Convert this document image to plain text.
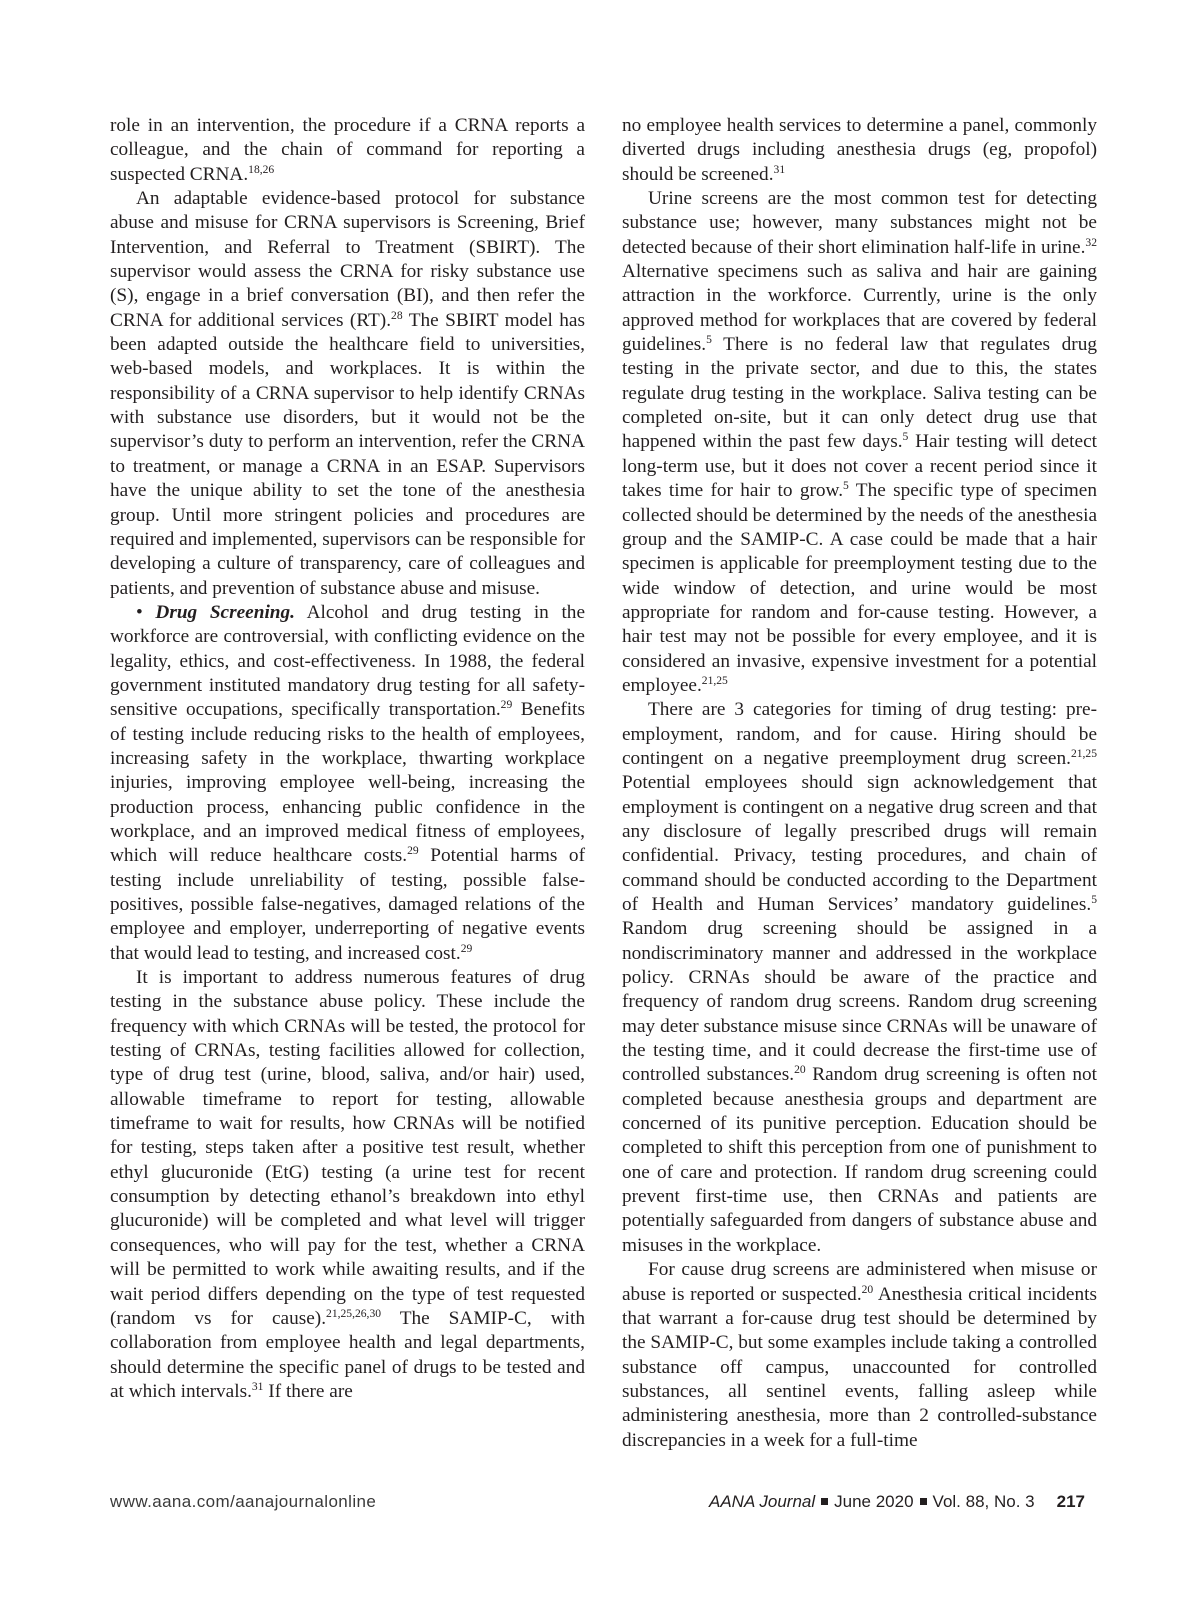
role in an intervention, the procedure if a CRNA reports a colleague, and the chain of command for reporting a suspected CRNA.$^{18,26}$

An adaptable evidence-based protocol for substance abuse and misuse for CRNA supervisors is Screening, Brief Intervention, and Referral to Treatment (SBIRT). The supervisor would assess the CRNA for risky substance use (S), engage in a brief conversation (BI), and then refer the CRNA for additional services (RT).$^{28}$ The SBIRT model has been adapted outside the healthcare field to universities, web-based models, and workplaces. It is within the responsibility of a CRNA supervisor to help identify CRNAs with substance use disorders, but it would not be the supervisor’s duty to perform an intervention, refer the CRNA to treatment, or manage a CRNA in an ESAP. Supervisors have the unique ability to set the tone of the anesthesia group. Until more stringent policies and procedures are required and implemented, supervisors can be responsible for developing a culture of transparency, care of colleagues and patients, and prevention of substance abuse and misuse.

• Drug Screening. Alcohol and drug testing in the workforce are controversial, with conflicting evidence on the legality, ethics, and cost-effectiveness. In 1988, the federal government instituted mandatory drug testing for all safety-sensitive occupations, specifically transportation.$^{29}$ Benefits of testing include reducing risks to the health of employees, increasing safety in the workplace, thwarting workplace injuries, improving employee well-being, increasing the production process, enhancing public confidence in the workplace, and an improved medical fitness of employees, which will reduce healthcare costs.$^{29}$ Potential harms of testing include unreliability of testing, possible false-positives, possible false-negatives, damaged relations of the employee and employer, underreporting of negative events that would lead to testing, and increased cost.$^{29}$

It is important to address numerous features of drug testing in the substance abuse policy. These include the frequency with which CRNAs will be tested, the protocol for testing of CRNAs, testing facilities allowed for collection, type of drug test (urine, blood, saliva, and/or hair) used, allowable timeframe to report for testing, allowable timeframe to wait for results, how CRNAs will be notified for testing, steps taken after a positive test result, whether ethyl glucuronide (EtG) testing (a urine test for recent consumption by detecting ethanol’s breakdown into ethyl glucuronide) will be completed and what level will trigger consequences, who will pay for the test, whether a CRNA will be permitted to work while awaiting results, and if the wait period differs depending on the type of test requested (random vs for cause).$^{21,25,26,30}$ The SAMIP-C, with collaboration from employee health and legal departments, should determine the specific panel of drugs to be tested and at which intervals.$^{31}$ If there are

no employee health services to determine a panel, commonly diverted drugs including anesthesia drugs (eg, propofol) should be screened.$^{31}$

Urine screens are the most common test for detecting substance use; however, many substances might not be detected because of their short elimination half-life in urine.$^{32}$ Alternative specimens such as saliva and hair are gaining attraction in the workforce. Currently, urine is the only approved method for workplaces that are covered by federal guidelines.$^5$ There is no federal law that regulates drug testing in the private sector, and due to this, the states regulate drug testing in the workplace. Saliva testing can be completed on-site, but it can only detect drug use that happened within the past few days.$^5$ Hair testing will detect long-term use, but it does not cover a recent period since it takes time for hair to grow.$^5$ The specific type of specimen collected should be determined by the needs of the anesthesia group and the SAMIP-C. A case could be made that a hair specimen is applicable for preemployment testing due to the wide window of detection, and urine would be most appropriate for random and for-cause testing. However, a hair test may not be possible for every employee, and it is considered an invasive, expensive investment for a potential employee.$^{21,25}$

There are 3 categories for timing of drug testing: preemployment, random, and for cause. Hiring should be contingent on a negative preemployment drug screen.$^{21,25}$ Potential employees should sign acknowledgement that employment is contingent on a negative drug screen and that any disclosure of legally prescribed drugs will remain confidential. Privacy, testing procedures, and chain of command should be conducted according to the Department of Health and Human Services’ mandatory guidelines.$^5$ Random drug screening should be assigned in a nondiscriminatory manner and addressed in the workplace policy. CRNAs should be aware of the practice and frequency of random drug screens. Random drug screening may deter substance misuse since CRNAs will be unaware of the testing time, and it could decrease the first-time use of controlled substances.$^{20}$ Random drug screening is often not completed because anesthesia groups and department are concerned of its punitive perception. Education should be completed to shift this perception from one of punishment to one of care and protection. If random drug screening could prevent first-time use, then CRNAs and patients are potentially safeguarded from dangers of substance abuse and misuses in the workplace.

For cause drug screens are administered when misuse or abuse is reported or suspected.$^{20}$ Anesthesia critical incidents that warrant a for-cause drug test should be determined by the SAMIP-C, but some examples include taking a controlled substance off campus, unaccounted for controlled substances, all sentinel events, falling asleep while administering anesthesia, more than 2 controlled-substance discrepancies in a week for a full-time

www.aana.com/aanajournalonline	AANA Journal June 2020 Vol. 88, No. 3 217
